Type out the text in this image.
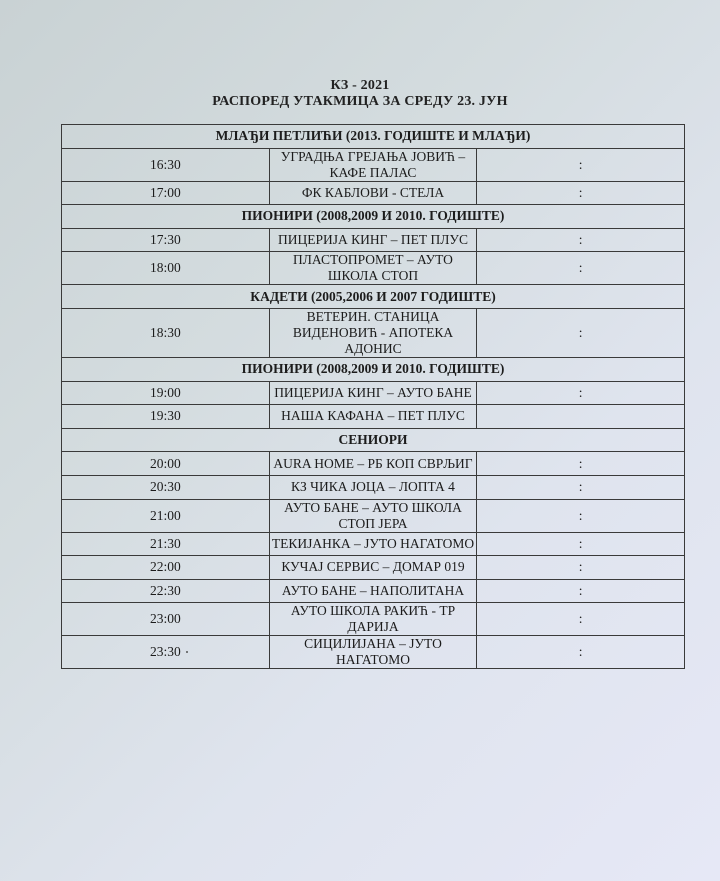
КЗ - 2021
РАСПОРЕД УТАКМИЦА ЗА СРЕДУ 23. ЈУН
МЛАЂИ ПЕТЛИЋИ (2013. ГОДИШТЕ И МЛАЂИ)		
16:30	УГРАДЊА ГРЕЈАЊА ЈОВИЋ – КАФЕ ПАЛАС	:
17:00	ФК КАБЛОВИ - СТЕЛА	:
ПИОНИРИ (2008,2009 И 2010. ГОДИШТЕ)		
17:30	ПИЦЕРИЈА КИНГ – ПЕТ ПЛУС	:
18:00	ПЛАСТОПРОМЕТ – АУТО ШКОЛА СТОП	:
КАДЕТИ (2005,2006 И 2007 ГОДИШТЕ)		
18:30	ВЕТЕРИН. СТАНИЦА ВИДЕНОВИЋ - АПОТЕКА АДОНИС	:
ПИОНИРИ (2008,2009 И 2010. ГОДИШТЕ)		
19:00	ПИЦЕРИЈА КИНГ – АУТО БАНЕ	:
19:30	НАША КАФАНА – ПЕТ ПЛУС	
СЕНИОРИ		
20:00	AURA HOME – РБ КОП СВРЉИГ	:
20:30	КЗ ЧИКА ЈОЦА – ЛОПТА 4	:
21:00	АУТО БАНЕ – АУТО ШКОЛА СТОП ЈЕРА	:
21:30	ТЕКИЈАНКА – ЈУТО НАГАТОМО	:
22:00	КУЧАЈ СЕРВИС – ДОМАР 019	:
22:30	АУТО БАНЕ – НАПОЛИТАНА	:
23:00	АУТО ШКОЛА РАКИЋ - ТР ДАРИЈА	:
23:30	СИЦИЛИЈАНА – ЈУТО НАГАТОМО	:
